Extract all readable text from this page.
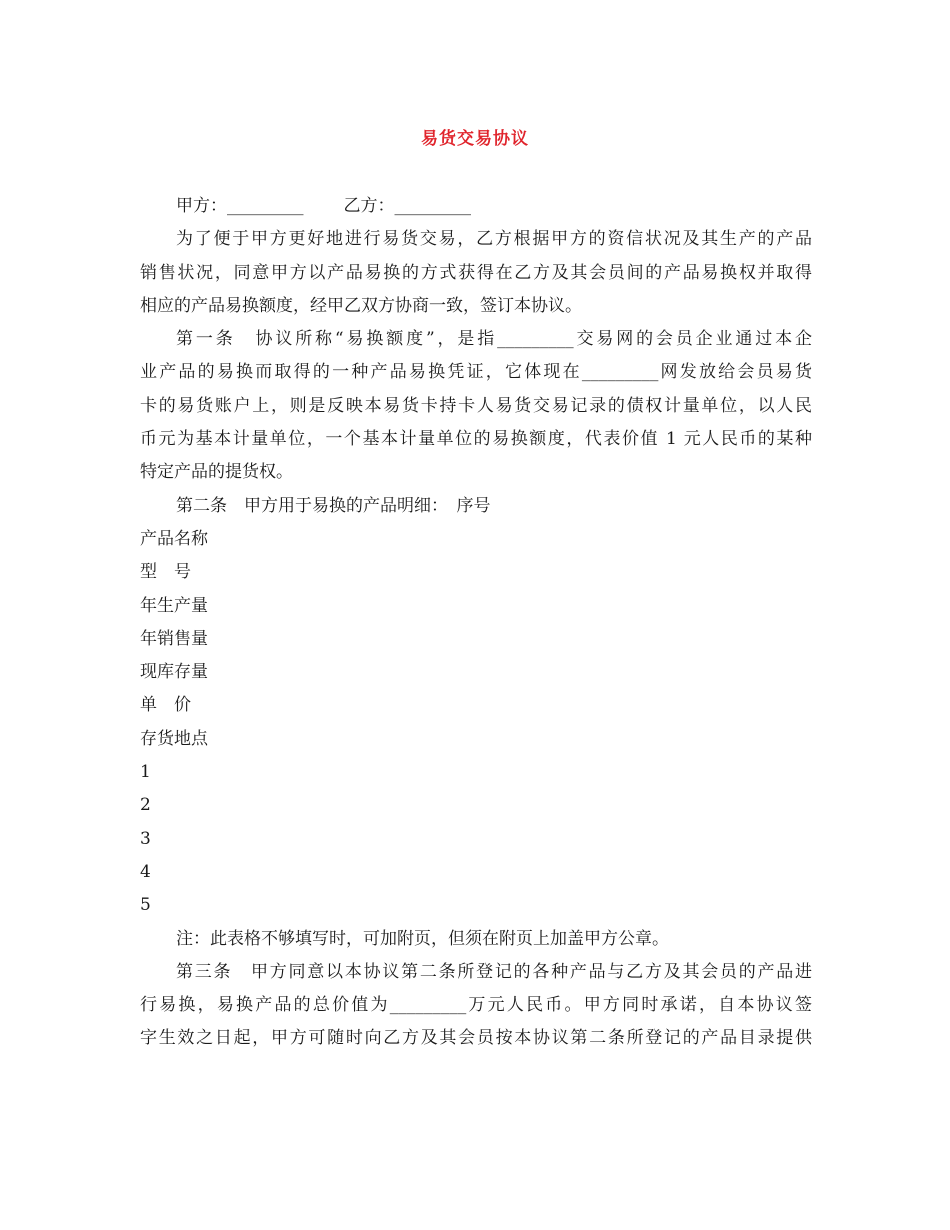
易货交易协议

甲方：_________ 乙方：_________

为了便于甲方更好地进行易货交易，乙方根据甲方的资信状况及其生产的产品

销售状况，同意甲方以产品易换的方式获得在乙方及其会员间的产品易换权并取得

相应的产品易换额度，经甲乙双方协商一致，签订本协议。

第一条　协议所称“易换额度”，是指_________交易网的会员企业通过本企

业产品的易换而取得的一种产品易换凭证，它体现在_________网发放给会员易货

卡的易货账户上，则是反映本易货卡持卡人易货交易记录的债权计量单位，以人民

币元为基本计量单位，一个基本计量单位的易换额度，代表价值 1 元人民币的某种

特定产品的提货权。

第二条　甲方用于易换的产品明细：　序号

产品名称

型　号

年生产量

年销售量

现库存量

单　价

存货地点

1

2

3

4

5

注：此表格不够填写时，可加附页，但须在附页上加盖甲方公章。

第三条　甲方同意以本协议第二条所登记的各种产品与乙方及其会员的产品进

行易换，易换产品的总价值为_________万元人民币。甲方同时承诺，自本协议签

字生效之日起，甲方可随时向乙方及其会员按本协议第二条所登记的产品目录提供
